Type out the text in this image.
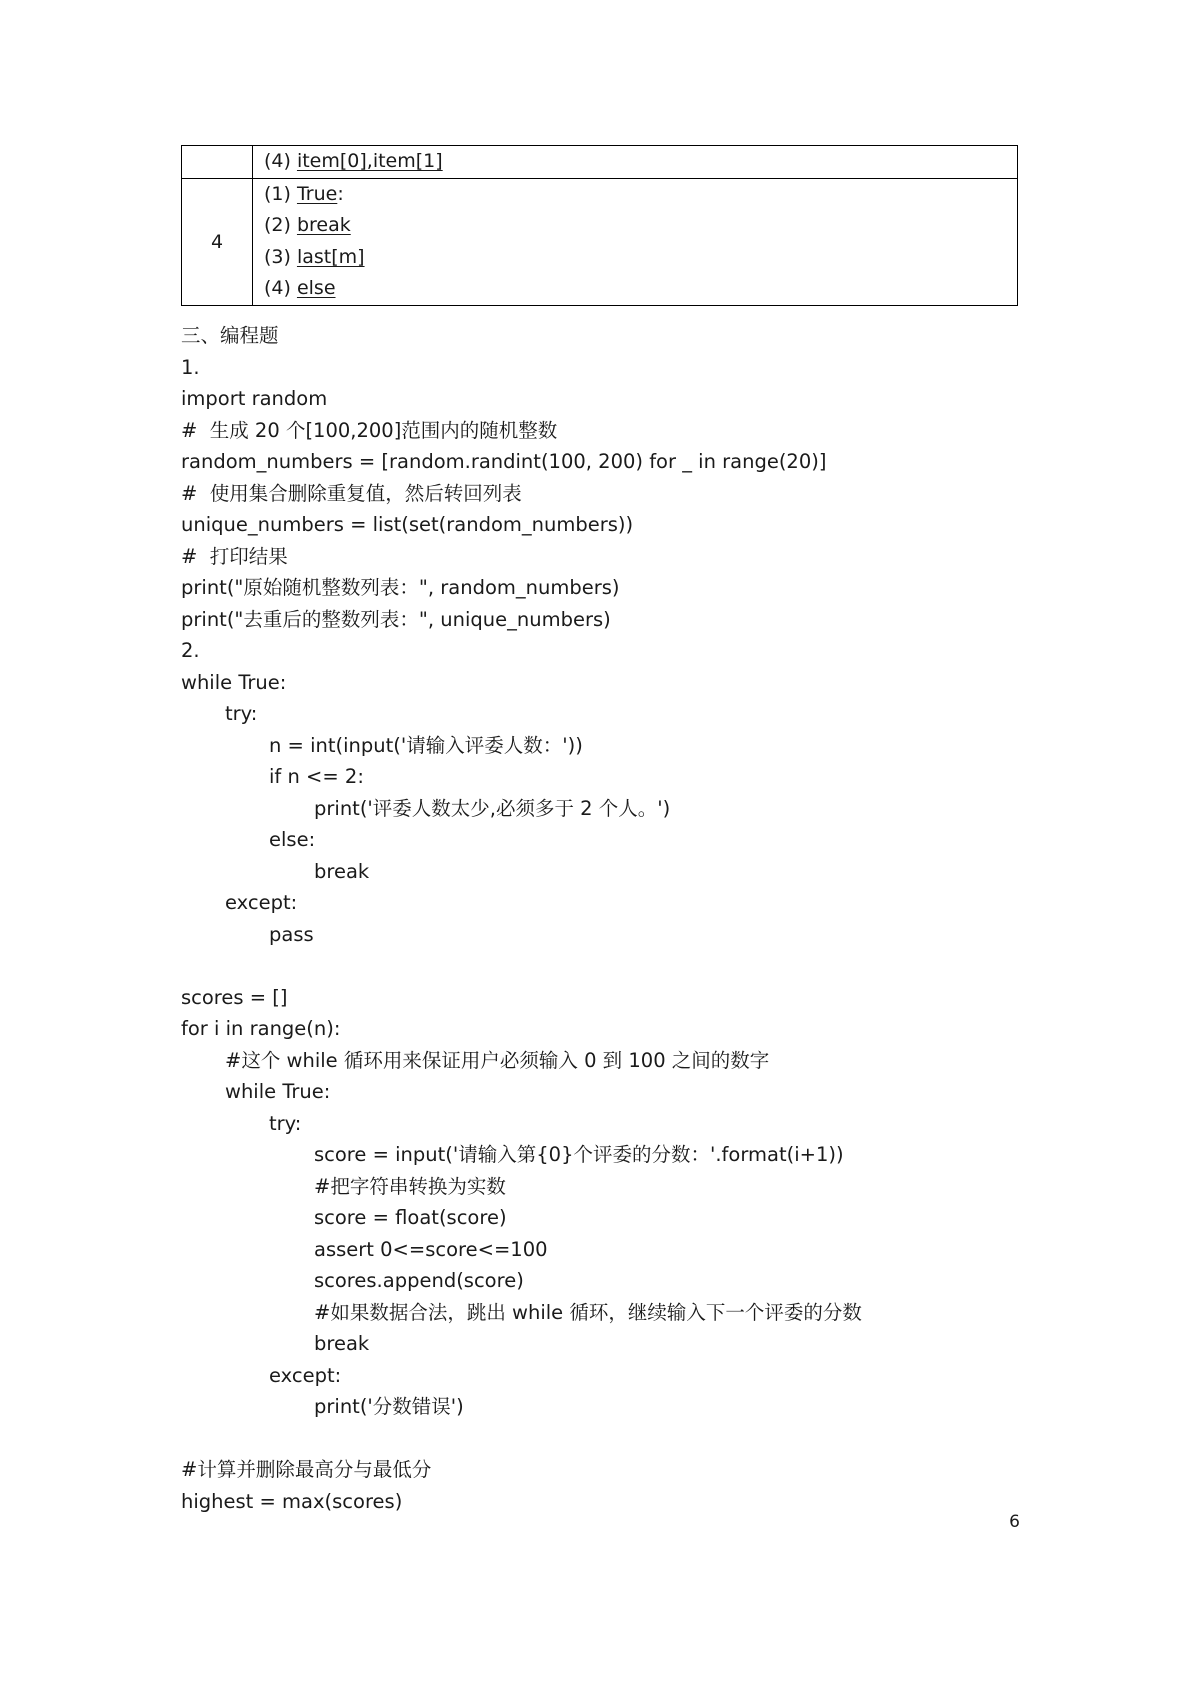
	(4) item[0],item[1]

4	(1) True:
(2) break
(3) last[m]
(4) else
三、编程题
1.
import random
#  生成 20 个[100,200]范围内的随机整数
random_numbers = [random.randint(100, 200) for _ in range(20)]
#  使用集合删除重复值，然后转回列表
unique_numbers = list(set(random_numbers))
#  打印结果
print("原始随机整数列表：", random_numbers)
print("去重后的整数列表：", unique_numbers)
2.
while True:
try:
n = int(input('请输入评委人数：'))
if n <= 2:
print('评委人数太少,必须多于 2 个人。')
else:
break
except:
pass
scores = []
for i in range(n):
#这个 while 循环用来保证用户必须输入 0 到 100 之间的数字
while True:
try:
score = input('请输入第{0}个评委的分数：'.format(i+1))
#把字符串转换为实数
score = float(score)
assert 0<=score<=100
scores.append(score)
#如果数据合法，跳出 while 循环，继续输入下一个评委的分数
break
except:
print('分数错误')
#计算并删除最高分与最低分
highest = max(scores)
6
